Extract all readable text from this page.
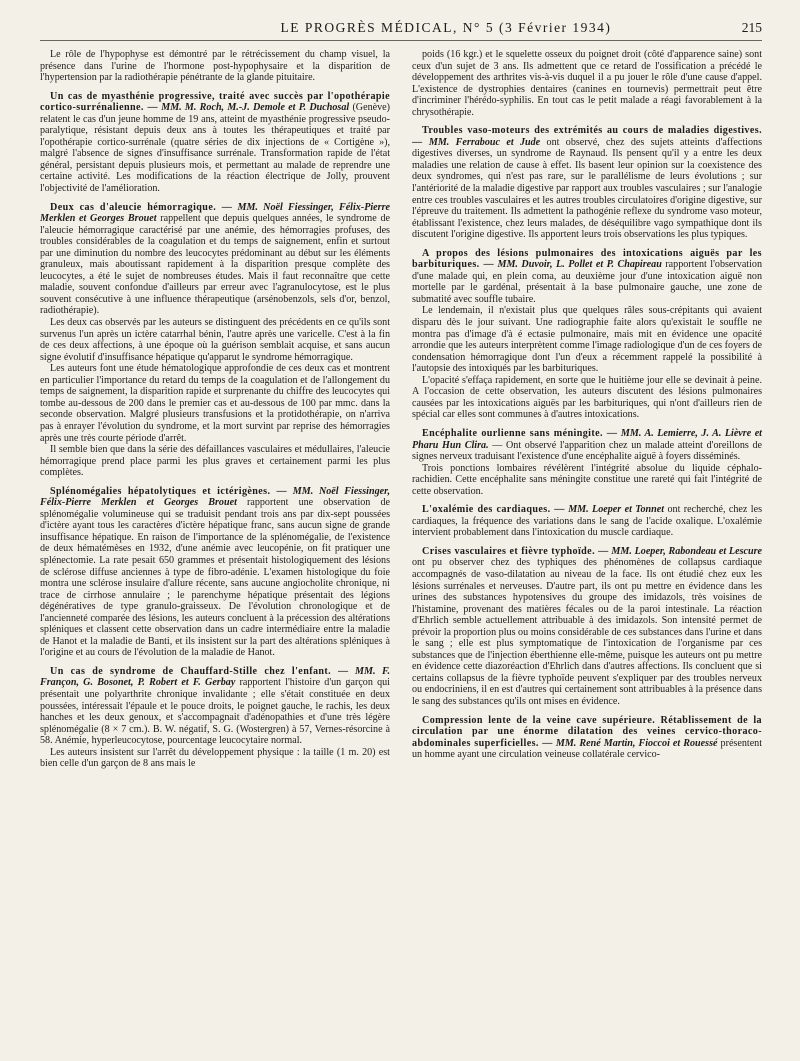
LE PROGRÈS MÉDICAL, N° 5 (3 Février 1934)	215

Le rôle de l'hypophyse est démontré par le rétrécissement du champ visuel, la présence dans l'urine de l'hormone post-hypophysaire et la disparition de l'hypertension par la radiothérapie pénétrante de la glande pituitaire.

Un cas de myasthénie progressive, traité avec succès par l'opothérapie cortico-surrénalienne. — MM. M. Roch, M.-J. Demole et P. Duchosal (Genève) relatent le cas d'un jeune homme de 19 ans, atteint de myasthénie progressive pseudo-paralytique, résistant depuis deux ans à toutes les thérapeutiques et traité par l'opothérapie cortico-surrénale (quatre séries de dix injections de « Cortigène »), malgré l'absence de signes d'insuffisance surrénale. Transformation rapide de l'état général, persistant depuis plusieurs mois, et permettant au malade de reprendre une certaine activité. Les modifications de la réaction électrique de Jolly, prouvent l'objectivité de l'amélioration.

Deux cas d'aleucie hémorragique. — MM. Noël Fiessinger, Félix-Pierre Merklen et Georges Brouet rappellent que depuis quelques années, le syndrome de l'aleucie hémorragique caractérisé par une anémie, des hémorragies profuses, des troubles considérables de la coagulation et du temps de saignement, enfin et surtout par une diminution du nombre des leucocytes prédominant au début sur les éléments granuleux, mais aboutissant rapidement à la disparition presque complète des leucocytes, a été le sujet de nombreuses études. Mais il faut reconnaître que cette maladie, souvent confondue d'ailleurs par erreur avec l'agranulocytose, est le plus souvent consécutive à une influence thérapeutique (arsénobenzols, sels d'or, benzol, radiothérapie).

Les deux cas observés par les auteurs se distinguent des précédents en ce qu'ils sont survenus l'un après un ictère catarrhal bénin, l'autre après une varicelle. C'est à la fin de ces deux affections, à une époque où la guérison semblait acquise, et sans aucun signe évolutif d'insuffisance hépatique qu'apparut le syndrome hémorragique.

Les auteurs font une étude hématologique approfondie de ces deux cas et montrent en particulier l'importance du retard du temps de la coagulation et de l'allongement du temps de saignement, la disparition rapide et surprenante du chiffre des leucocytes qui tombe au-dessous de 200 dans le premier cas et au-dessous de 100 par mmc. dans la seconde observation. Malgré plusieurs transfusions et la protidothérapie, on n'arriva pas à enrayer l'évolution du syndrome, et la mort survint par reprise des hémorragies après une très courte période d'arrêt.

Il semble bien que dans la série des défaillances vasculaires et médullaires, l'aleucie hémorragique prend place parmi les plus graves et certainement parmi les plus complètes.

Splénomégalies hépatolytiques et ictérigènes. — MM. Noël Fiessinger, Félix-Pierre Merklen et Georges Brouet rapportent une observation de splénomégalie volumineuse qui se traduisit pendant trois ans par dix-sept poussées d'ictère ayant tous les caractères d'ictère hépatique franc, sans aucun signe de grande insuffisance hépatique. En raison de l'importance de la splénomégalie, de l'existence de deux hématémèses en 1932, d'une anémie avec leucopénie, on fit pratiquer une splénectomie. La rate pesait 650 grammes et présentait histologiquement des lésions de sclérose diffuse anciennes à type de fibro-adénie. L'examen histologique du foie montra une sclérose insulaire d'allure récente, sans aucune angiocholite chronique, ni trace de cirrhose annulaire ; le parenchyme hépatique présentait des légions dégénératives de type granulo-graisseux. De l'évolution chronologique et de l'ancienneté comparée des lésions, les auteurs concluent à la précession des altérations spléniques et classent cette observation dans un cadre intermédiaire entre la maladie de Hanot et la maladie de Banti, et ils insistent sur la part des altérations spléniques à l'origine et au cours de l'évolution de la maladie de Hanot.

Un cas de syndrome de Chauffard-Stille chez l'enfant. — MM. F. Françon, G. Bosonet, P. Robert et F. Gerbay rapportent l'histoire d'un garçon qui présentait une polyarthrite chronique invalidante ; elle s'était constituée en deux poussées, intéressait l'épaule et le pouce droits, le poignet gauche, le rachis, les deux hanches et les deux genoux, et s'accompagnait d'adénopathies et d'une très légère splénomégalie (8 × 7 cm.). B. W. négatif, S. G. (Wostergren) à 57, Vernes-résorcine à 58. Anémie, hyperleucocytose, pourcentage leucocytaire normal.

Les auteurs insistent sur l'arrêt du développement physique : la taille (1 m. 20) est bien celle d'un garçon de 8 ans mais le

poids (16 kgr.) et le squelette osseux du poignet droit (côté d'apparence saine) sont ceux d'un sujet de 3 ans. Ils admettent que ce retard de l'ossification a précédé le développement des arthrites vis-à-vis duquel il a pu jouer le rôle d'une cause d'appel. L'existence de dystrophies dentaires (canines en tournevis) permettrait peut être d'incriminer l'hérédo-syphilis. En tout cas le petit malade a réagi favorablement à la chrysothérapie.

Troubles vaso-moteurs des extrémités au cours de maladies digestives. — MM. Ferrabouc et Jude ont observé, chez des sujets atteints d'affections digestives diverses, un syndrome de Raynaud. Ils pensent qu'il y a entre les deux maladies une relation de cause à effet. Ils basent leur opinion sur la coexistence des deux syndromes, qui n'est pas rare, sur le parallélisme de leurs évolutions ; sur l'antériorité de la maladie digestive par rapport aux troubles vasculaires ; sur l'analogie entre ces troubles vasculaires et les autres troubles circulatoires d'origine digestive, sur l'épreuve du traitement. Ils admettent la pathogénie reflexe du syndrome vaso moteur, établissant l'existence, chez leurs malades, de déséquilibre vago sympathique dont ils discutent l'origine digestive. Ils apportent leurs trois observations les plus typiques.

A propos des lésions pulmonaires des intoxications aiguës par les barbituriques. — MM. Duvoir, L. Pollet et P. Chapireau rapportent l'observation d'une malade qui, en plein coma, au deuxième jour d'une intoxication aiguë non mortelle par le gardénal, présentait à la base pulmonaire gauche, une zone de submatité avec souffle tubaire.

Le lendemain, il n'existait plus que quelques râles sous-crépitants qui avaient disparu dès le jour suivant. Une radiographie faite alors qu'existait le souffle ne montra pas d'image d'à é ectasie pulmonaire, mais mit en évidence une opacité arrondie que les auteurs interprètent comme l'image radiologique d'un de ces foyers de condensation hémorragique dont l'un d'eux a récemment rappelé la possibilité à l'autopsie des intoxiqués par les barbituriques.

L'opacité s'effaça rapidement, en sorte que le huitième jour elle se devinait à peine. A l'occasion de cette observation, les auteurs discutent des lésions pulmonaires causées par les intoxications aiguës par les barbituriques, qui n'ont d'ailleurs rien de spécial car elles sont communes à d'autres intoxications.

Encéphalite ourlienne sans méningite. — MM. A. Lemierre, J. A. Lièvre et Pharu Hun Clira. — Ont observé l'apparition chez un malade atteint d'oreillons de signes nerveux traduisant l'existence d'une encéphalite aiguë à foyers disséminés.

Trois ponctions lombaires révélèrent l'intégrité absolue du liquide céphalo-rachidien. Cette encéphalite sans méningite constitue une rareté qui fait l'intégrité de cette observation.

L'oxalémie des cardiaques. — MM. Loeper et Tonnet ont recherché, chez les cardiaques, la fréquence des variations dans le sang de l'acide oxalique. L'oxalémie intervient probablement dans l'intoxication du muscle cardiaque.

Crises vasculaires et fièvre typhoïde. — MM. Loeper, Rabondeau et Lescure ont pu observer chez des typhiques des phénomènes de collapsus cardiaque accompagnés de vaso-dilatation au niveau de la face. Ils ont étudié chez eux les lésions surrénales et nerveuses. D'autre part, ils ont pu mettre en évidence dans les urines des substances hypotensives du groupe des imidazols, très voisines de l'histamine, provenant des matières fécales ou de la paroi intestinale. La réaction d'Ehrlich semble actuellement attribuable à des imidazols. Son intensité permet de prévoir la proportion plus ou moins considérable de ces substances dans l'urine et dans le sang ; elle est plus symptomatique de l'intoxication de l'organisme par ces substances que de l'injection éberthienne elle-même, puisque les auteurs ont pu mettre en évidence cette diazoréaction d'Ehrlich dans d'autres affections. Ils concluent que si certains collapsus de la fièvre typhoïde peuvent s'expliquer par des troubles nerveux ou endocriniens, il en est d'autres qui certainement sont attribuables à la présence dans le sang des substances qu'ils ont mises en évidence.

Compression lente de la veine cave supérieure. Rétablissement de la circulation par une énorme dilatation des veines cervico-thoraco-abdominales superficielles. — MM. René Martin, Fioccoi et Rouessé présentent un homme ayant une circulation veineuse collatérale cervico-
